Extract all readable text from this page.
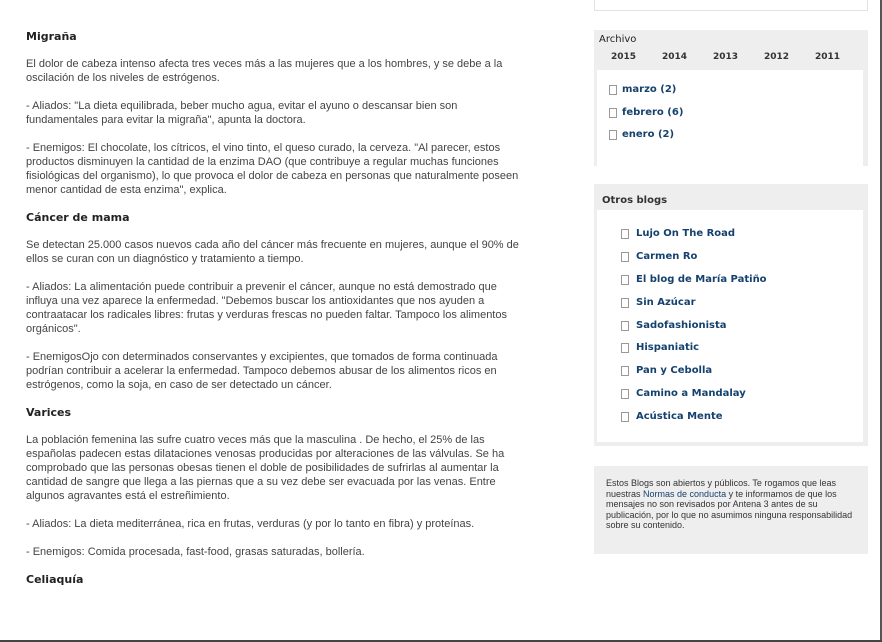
Migraña

El dolor de cabeza intenso afecta tres veces más a las mujeres que a los hombres, y se debe a la oscilación de los niveles de estrógenos.

- Aliados: "La dieta equilibrada, beber mucho agua, evitar el ayuno o descansar bien son fundamentales para evitar la migraña", apunta la doctora.

- Enemigos: El chocolate, los cítricos, el vino tinto, el queso curado, la cerveza. "Al parecer, estos productos disminuyen la cantidad de la enzima DAO (que contribuye a regular muchas funciones fisiológicas del organismo), lo que provoca el dolor de cabeza en personas que naturalmente poseen menor cantidad de esta enzima", explica.

Cáncer de mama

Se detectan 25.000 casos nuevos cada año del cáncer más frecuente en mujeres, aunque el 90% de ellos se curan con un diagnóstico y tratamiento a tiempo.

- Aliados: La alimentación puede contribuir a prevenir el cáncer, aunque no está demostrado que influya una vez aparece la enfermedad. "Debemos buscar los antioxidantes que nos ayuden a contraatacar los radicales libres: frutas y verduras frescas no pueden faltar. Tampoco los alimentos orgánicos".

- EnemigosOjo con determinados conservantes y excipientes, que tomados de forma continuada podrían contribuir a acelerar la enfermedad. Tampoco debemos abusar de los alimentos ricos en estrógenos, como la soja, en caso de ser detectado un cáncer.

Varices

La población femenina las sufre cuatro veces más que la masculina . De hecho, el 25% de las españolas padecen estas dilataciones venosas producidas por alteraciones de las válvulas. Se ha comprobado que las personas obesas tienen el doble de posibilidades de sufrirlas al aumentar la cantidad de sangre que llega a las piernas que a su vez debe ser evacuada por las venas. Entre algunos agravantes está el estreñimiento.

- Aliados: La dieta mediterránea, rica en frutas, verduras (y por lo tanto en fibra) y proteínas.

- Enemigos: Comida procesada, fast-food, grasas saturadas, bollería.

Celiaquía
Archivo
2015	2014	2013	2012	2011
marzo (2)
febrero (6)
enero (2)
Otros blogs
Lujo On The Road
Carmen Ro
El blog de María Patiño
Sin Azúcar
Sadofashionista
Hispaniatic
Pan y Cebolla
Camino a Mandalay
Acústica Mente
Estos Blogs son abiertos y públicos. Te rogamos que leas nuestras Normas de conducta y te informamos de que los mensajes no son revisados por Antena 3 antes de su publicación, por lo que no asumimos ninguna responsabilidad sobre su contenido.
